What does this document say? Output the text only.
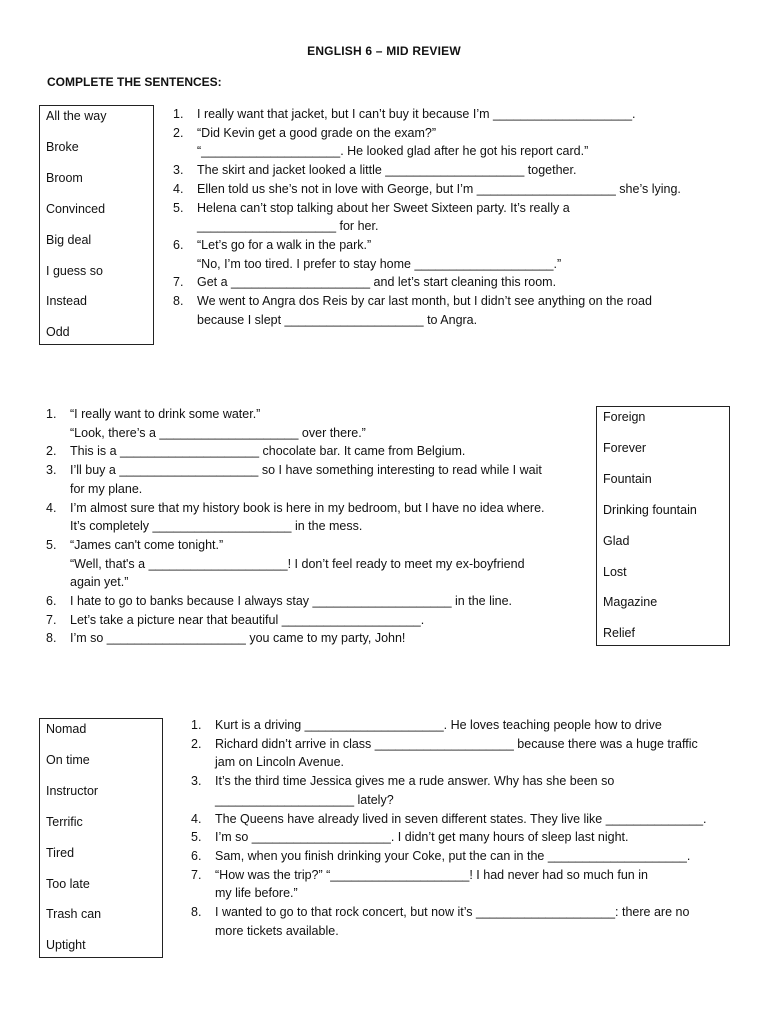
ENGLISH 6 – MID REVIEW
COMPLETE THE SENTENCES:
All the way
Broke
Broom
Convinced
Big deal
I guess so
Instead
Odd
1. I really want that jacket, but I can’t buy it because I’m ____________________.
2. “Did Kevin get a good grade on the exam?”
“____________________. He looked glad after he got his report card.”
3. The skirt and jacket looked a little ____________________ together.
4. Ellen told us she’s not in love with George, but I’m ____________________ she’s lying.
5. Helena can’t stop talking about her Sweet Sixteen party. It’s really a
____________________ for her.
6. “Let’s go for a walk in the park.”
“No, I’m too tired. I prefer to stay home ____________________.”
7. Get a ____________________ and let’s start cleaning this room.
8. We went to Angra dos Reis by car last month, but I didn’t see anything on the road
because I slept ____________________ to Angra.
1. “I really want to drink some water.”
“Look, there’s a ____________________ over there.”
2. This is a ____________________ chocolate bar. It came from Belgium.
3. I’ll buy a ____________________ so I have something interesting to read while I wait
for my plane.
4. I’m almost sure that my history book is here in my bedroom, but I have no idea where.
It’s completely ____________________ in the mess.
5. “James can't come tonight.”
“Well, that's a ____________________! I don’t feel ready to meet my ex-boyfriend
again yet.”
6. I hate to go to banks because I always stay ____________________ in the line.
7. Let’s take a picture near that beautiful ____________________.
8. I’m so ____________________ you came to my party, John!
Foreign
Forever
Fountain
Drinking fountain
Glad
Lost
Magazine
Relief
Nomad
On time
Instructor
Terrific
Tired
Too late
Trash can
Uptight
1. Kurt is a driving ____________________. He loves teaching people how to drive
2. Richard didn’t arrive in class ____________________ because there was a huge traffic
jam on Lincoln Avenue.
3. It’s the third time Jessica gives me a rude answer. Why has she been so
____________________ lately?
4. The Queens have already lived in seven different states. They live like ______________.
5. I’m so ____________________. I didn’t get many hours of sleep last night.
6. Sam, when you finish drinking your Coke, put the can in the ____________________.
7. “How was the trip?” “____________________! I had never had so much fun in
my life before.”
8. I wanted to go to that rock concert, but now it’s ____________________: there are no
more tickets available.
